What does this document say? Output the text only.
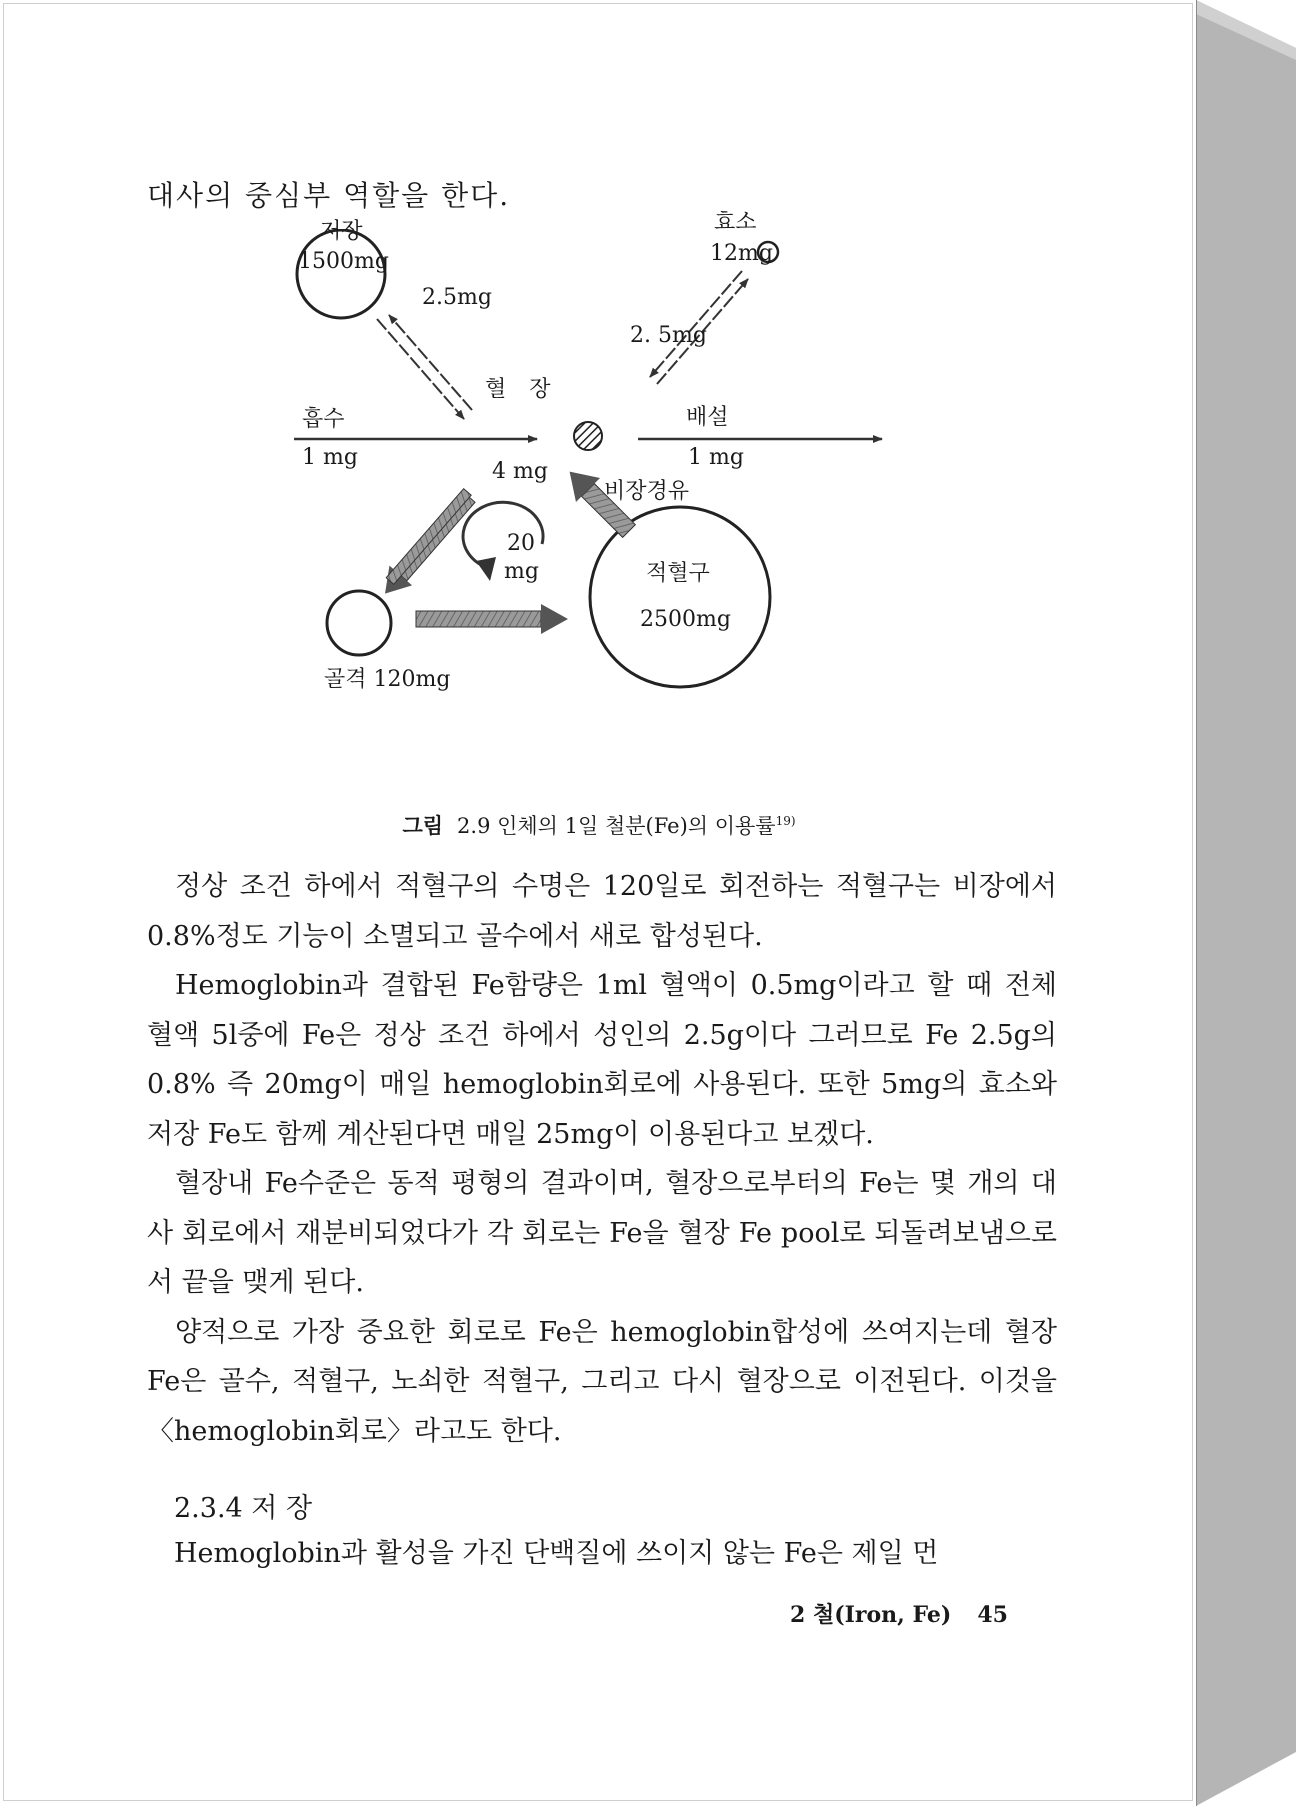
대사의 중심부 역할을 한다.
저장
1500mg
2.5mg
효소
12mg
2. 5mg
혈 장
4 mg
흡수
1 mg
배설
1 mg
비장경유
20
mg	적혈구
2500mg
골격 120mg
그림 2.9 인체의 1일 철분(Fe)의 이용률$^{19)}$

정상 조건 하에서 적혈구의 수명은 120일로 회전하는 적혈구는 비장에서 0.8%정도 기능이 소멸되고 골수에서 새로 합성된다.

Hemoglobin과 결합된 Fe함량은 1ml 혈액이 0.5mg이라고 할 때 전체 혈액 5l중에 Fe은 정상 조건 하에서 성인의 2.5g이다 그러므로 Fe 2.5g의 0.8% 즉 20mg이 매일 hemoglobin회로에 사용된다. 또한 5mg의 효소와 저장 Fe도 함께 계산된다면 매일 25mg이 이용된다고 보겠다.

혈장내 Fe수준은 동적 평형의 결과이며, 혈장으로부터의 Fe는 몇 개의 대사 회로에서 재분비되었다가 각 회로는 Fe을 혈장 Fe pool로 되돌려보냄으로서 끝을 맺게 된다.

양적으로 가장 중요한 회로로 Fe은 hemoglobin합성에 쓰여지는데 혈장 Fe은 골수, 적혈구, 노쇠한 적혈구, 그리고 다시 혈장으로 이전된다. 이것을 〈hemoglobin회로〉라고도 한다.

2.3.4 저 장
Hemoglobin과 활성을 가진 단백질에 쓰이지 않는 Fe은 제일 먼
2 철(Iron, Fe) 45
